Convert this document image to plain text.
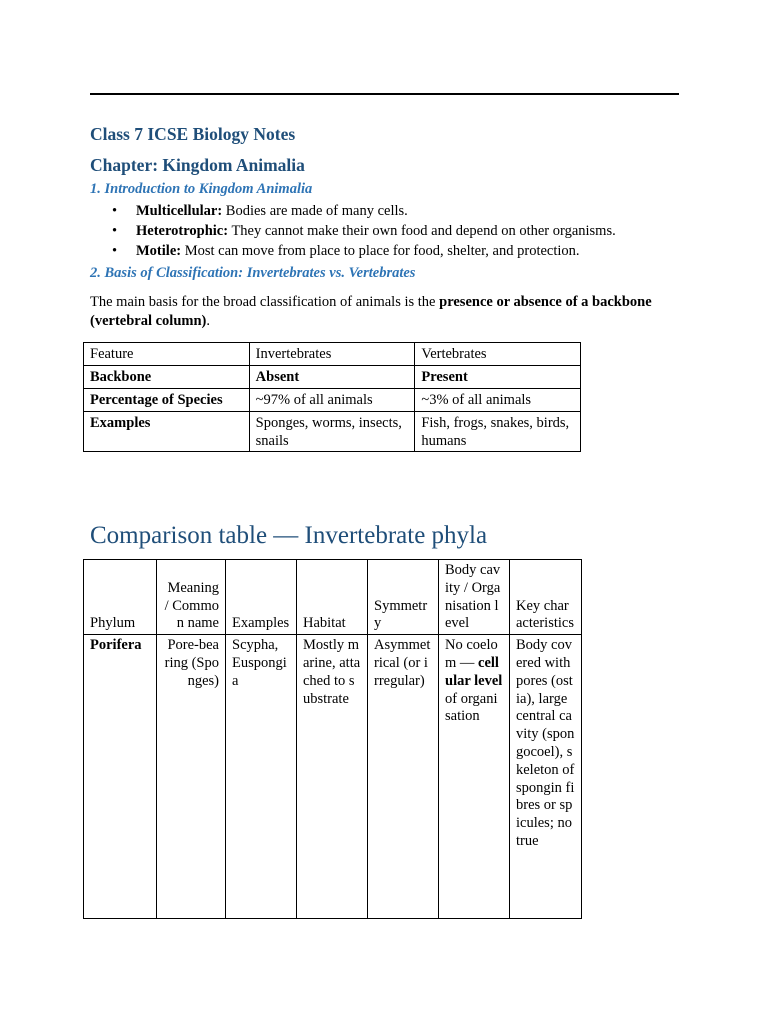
Class 7 ICSE Biology Notes
Chapter: Kingdom Animalia
1. Introduction to Kingdom Animalia
• Multicellular: Bodies are made of many cells.
• Heterotrophic: They cannot make their own food and depend on other organisms.
• Motile: Most can move from place to place for food, shelter, and protection.
2. Basis of Classification: Invertebrates vs. Vertebrates

The main basis for the broad classification of animals is the presence or absence of a backbone (vertebral column).

Feature	Invertebrates	Vertebrates
Backbone	Absent	Present
Percentage of Species	~97% of all animals	~3% of all animals
Examples	Sponges, worms, insects, snails	Fish, frogs, snakes, birds, humans
Comparison table — Invertebrate phyla
Phylum	Meaning / Common name	Examples	Habitat	Symmetry	Body cavity / Organisation level	Key characteristics
Porifera	Pore-bearing (Sponges)	Scypha, Euspongia	Mostly marine, attached to substrate	Asymmetrical (or irregular)	No coelom — cellular level of organisation	Body covered with pores (ostia), large central cavity (spongocoel), skeleton of spongin fibres or spicules; no true
